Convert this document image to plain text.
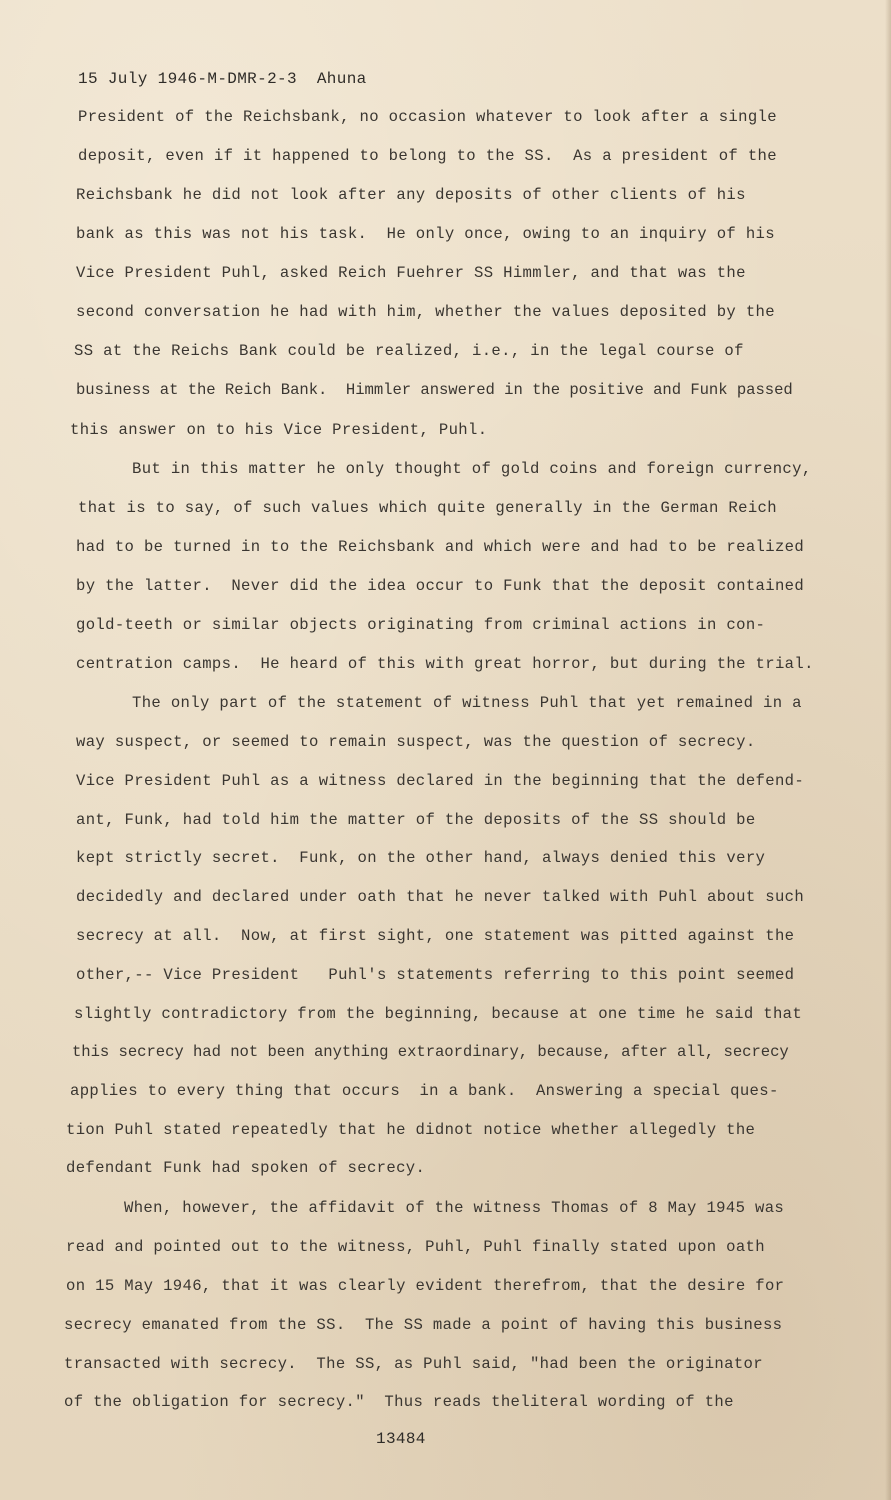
15 July 1946-M-DMR-2-3  Ahuna

President of the Reichsbank, no occasion whatever to look after a single

deposit, even if it happened to belong to the SS.  As a president of the

Reichsbank he did not look after any deposits of other clients of his

bank as this was not his task.  He only once, owing to an inquiry of his

Vice President Puhl, asked Reich Fuehrer SS Himmler, and that was the

second conversation he had with him, whether the values deposited by the

SS at the Reichs Bank could be realized, i.e., in the legal course of

business at the Reich Bank.  Himmler answered in the positive and Funk passed

this answer on to his Vice President, Puhl.

But in this matter he only thought of gold coins and foreign currency,

that is to say, of such values which quite generally in the German Reich

had to be turned in to the Reichsbank and which were and had to be realized

by the latter.  Never did the idea occur to Funk that the deposit contained

gold-teeth or similar objects originating from criminal actions in con-

centration camps.  He heard of this with great horror, but during the trial.

The only part of the statement of witness Puhl that yet remained in a

way suspect, or seemed to remain suspect, was the question of secrecy.

Vice President Puhl as a witness declared in the beginning that the defend-

ant, Funk, had told him the matter of the deposits of the SS should be

kept strictly secret.  Funk, on the other hand, always denied this very

decidedly and declared under oath that he never talked with Puhl about such

secrecy at all.  Now, at first sight, one statement was pitted against the

other,-- Vice President   Puhl's statements referring to this point seemed

slightly contradictory from the beginning, because at one time he said that

this secrecy had not been anything extraordinary, because, after all, secrecy

applies to every thing that occurs  in a bank.  Answering a special ques-

tion Puhl stated repeatedly that he didnot notice whether allegedly the

defendant Funk had spoken of secrecy.

When, however, the affidavit of the witness Thomas of 8 May 1945 was

read and pointed out to the witness, Puhl, Puhl finally stated upon oath

on 15 May 1946, that it was clearly evident therefrom, that the desire for

secrecy emanated from the SS.  The SS made a point of having this business

transacted with secrecy.  The SS, as Puhl said, "had been the originator

of the obligation for secrecy."  Thus reads theliteral wording of the

13484
